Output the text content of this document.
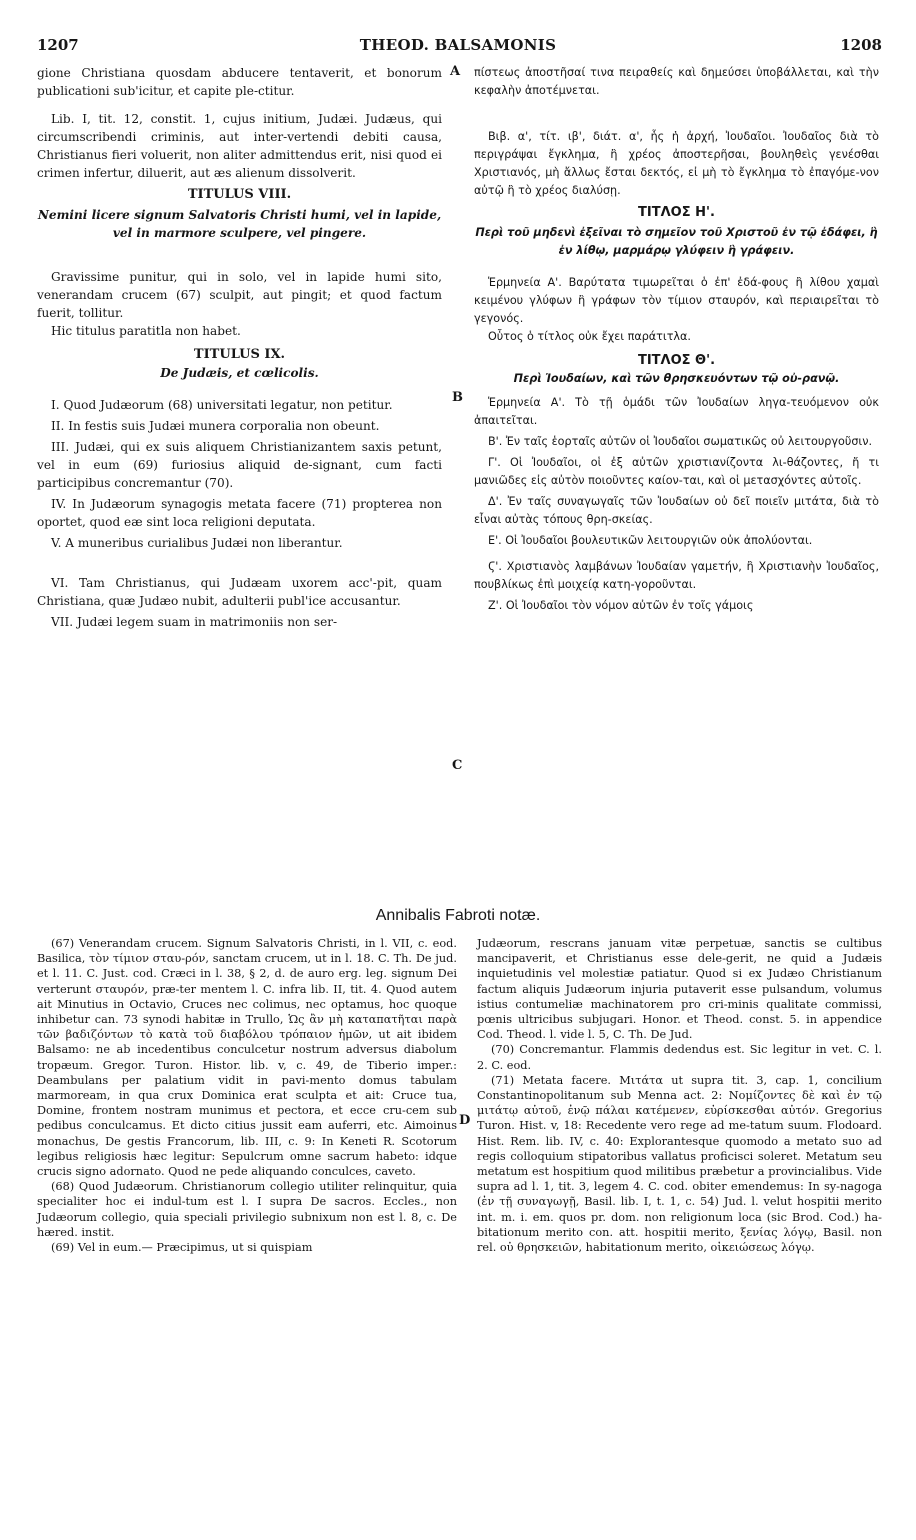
1207	THEOD. BALSAMONIS	1208

gione Christiana quosdam abducere tentaverit, et bonorum publicationi sub'icitur, et capite ple-ctitur.

Lib. I, tit. 12, constit. 1, cujus initium, Judæi. Judæus, qui circumscribendi criminis, aut inter-vertendi debiti causa, Christianus fieri voluerit, non aliter admittendus erit, nisi quod ei crimen infertur, diluerit, aut æs alienum dissolverit.

TITULUS VIII.

Nemini licere signum Salvatoris Christi humi, vel in lapide, vel in marmore sculpere, vel pingere.

Gravissime punitur, qui in solo, vel in lapide humi sito, venerandam crucem (67) sculpit, aut pingit; et quod factum fuerit, tollitur.

Hic titulus paratitla non habet.

TITULUS IX.

De Judæis, et cœlicolis.

I. Quod Judæorum (68) universitati legatur, non petitur.

II. In festis suis Judæi munera corporalia non obeunt.

III. Judæi, qui ex suis aliquem Christianizantem saxis petunt, vel in eum (69) furiosius aliquid de-signant, cum facti participibus concremantur (70).

IV. In Judæorum synagogis metata facere (71) propterea non oportet, quod eæ sint loca religioni deputata.

V. A muneribus curialibus Judæi non liberantur.

VI. Tam Christianus, qui Judæam uxorem acc'-pit, quam Christiana, quæ Judæo nubit, adulterii publ'ice accusantur.

VII. Judæi legem suam in matrimoniis non ser-

A
B
C
D

πίστεως ἀποστῆσαί τινα πειραθείς καὶ δημεύσει ὑποβάλλεται, καὶ τὴν κεφαλὴν ἀποτέμνεται.

Βιβ. α', τίτ. ιβ', διάτ. α', ἧς ἡ ἀρχή, Ἰουδαῖοι. Ἰουδαῖος διὰ τὸ περιγράψαι ἔγκλημα, ἢ χρέος ἀποστερῆσαι, βουληθεὶς γενέσθαι Χριστιανός, μὴ ἄλλως ἔσται δεκτός, εἰ μὴ τὸ ἔγκλημα τὸ ἐπαγόμε-νον αὐτῷ ἢ τὸ χρέος διαλύσῃ.

ΤΙΤΛΟΣ Η'.

Περὶ τοῦ μηδενὶ ἐξεῖναι τὸ σημεῖον τοῦ Χριστοῦ ἐν τῷ ἐδάφει, ἢ ἐν λίθῳ, μαρμάρῳ γλύφειν ἢ γράφειν.

Ἑρμηνεία Α'. Βαρύτατα τιμωρεῖται ὁ ἐπ' ἐδά-φους ἢ λίθου χαμαὶ κειμένου γλύφων ἢ γράφων τὸν τίμιον σταυρόν, καὶ περιαιρεῖται τὸ γεγονός.

Οὗτος ὁ τίτλος οὐκ ἔχει παράτιτλα.

ΤΙΤΛΟΣ Θ'.

Περὶ Ἰουδαίων, καὶ τῶν θρησκευόντων τῷ οὐ-ρανῷ.

Ἑρμηνεία Α'. Τὸ τῇ ὁμάδι τῶν Ἰουδαίων ληγα-τευόμενον οὐκ ἀπαιτεῖται.

Β'. Ἐν ταῖς ἑορταῖς αὐτῶν οἱ Ἰουδαῖοι σωματικῶς οὐ λειτουργοῦσιν.

Γ'. Οἱ Ἰουδαῖοι, οἱ ἐξ αὐτῶν χριστιανίζοντα λι-θάζοντες, ἤ τι μανιῶδες εἰς αὐτὸν ποιοῦντες καίον-ται, καὶ οἱ μετασχόντες αὐτοῖς.

Δ'. Ἐν ταῖς συναγωγαῖς τῶν Ἰουδαίων οὐ δεῖ ποιεῖν μιτάτα, διὰ τὸ εἶναι αὐτὰς τόπους θρη-σκείας.

Ε'. Οἱ Ἰουδαῖοι βουλευτικῶν λειτουργιῶν οὐκ ἀπολύονται.

Ϛ'. Χριστιανὸς λαμβάνων Ἰουδαίαν γαμετήν, ἢ Χριστιανὴν Ἰουδαῖος, πουβλίκως ἐπὶ μοιχείᾳ κατη-γοροῦνται.

Ζ'. Οἱ Ἰουδαῖοι τὸν νόμον αὐτῶν ἐν τοῖς γάμοις

Annibalis Fabroti notæ.

(67) Venerandam crucem. Signum Salvatoris Christi, in l. VII, c. eod. Basilica, τὸν τίμιον σταυ-ρόν, sanctam crucem, ut in l. 18. C. Th. De jud. et l. 11. C. Just. cod. Cræci in l. 38, § 2, d. de auro erg. leg. signum Dei verterunt σταυρόν, præ-ter mentem l. C. infra lib. II, tit. 4. Quod autem ait Minutius in Octavio, Cruces nec colimus, nec optamus, hoc quoque inhibetur can. 73 synodi habitæ in Trullo, Ὡς ἂν μὴ καταπατῆται παρὰ τῶν βαδιζόντων τὸ κατὰ τοῦ διαβόλου τρόπαιον ἡμῶν, ut ait ibidem Balsamo: ne ab incedentibus conculcetur nostrum adversus diabolum tropæum. Gregor. Turon. Histor. lib. v, c. 49, de Tiberio imper.: Deambulans per palatium vidit in pavi-mento domus tabulam marmoream, in qua crux Dominica erat sculpta et ait: Cruce tua, Domine, frontem nostram munimus et pectora, et ecce cru-cem sub pedibus conculcamus. Et dicto citius jussit eam auferri, etc. Aimoinus monachus, De gestis Francorum, lib. III, c. 9: In Keneti R. Scotorum legibus religiosis hæc legitur: Sepulcrum omne sacrum habeto: idque crucis signo adornato. Quod ne pede aliquando conculces, caveto.

(68) Quod Judæorum. Christianorum collegio utiliter relinquitur, quia specialiter hoc ei indul-tum est l. I supra De sacros. Eccles., non Judæorum collegio, quia speciali privilegio subnixum non est l. 8, c. De hæred. instit.

(69) Vel in eum.— Præcipimus, ut si quispiam

Judæorum, rescrans januam vitæ perpetuæ, sanctis se cultibus mancipaverit, et Christianus esse dele-gerit, ne quid a Judæis inquietudinis vel molestiæ patiatur. Quod si ex Judæo Christianum factum aliquis Judæorum injuria putaverit esse pulsandum, volumus istius contumeliæ machinatorem pro cri-minis qualitate commissi, pœnis ultricibus subjugari. Honor. et Theod. const. 5. in appendice Cod. Theod. l. vide l. 5, C. Th. De Jud.

(70) Concremantur. Flammis dedendus est. Sic legitur in vet. C. l. 2. C. eod.

(71) Metata facere. Μιτάτα ut supra tit. 3, cap. 1, concilium Constantinopolitanum sub Menna act. 2: Νομίζοντες δὲ καὶ ἐν τῷ μιτάτῳ αὐτοῦ, ἐνῷ πάλαι κατέμενεν, εὑρίσκεσθαι αὐτόν. Gregorius Turon. Hist. v, 18: Recedente vero rege ad me-tatum suum. Flodoard. Hist. Rem. lib. IV, c. 40: Explorantesque quomodo a metato suo ad regis colloquium stipatoribus vallatus proficisci soleret. Metatum seu metatum est hospitium quod militibus præbetur a provincialibus. Vide supra ad l. 1, tit. 3, legem 4. C. cod. obiter emendemus: In sy-nagoga (ἐν τῇ συναγωγῇ, Basil. lib. I, t. 1, c. 54) Jud. l. velut hospitii merito int. m. i. em. quos pr. dom. non religionum loca (sic Brod. Cod.) ha-bitationum merito con. att. hospitii merito, ξενίας λόγῳ, Basil. non rel. οὐ θρησκειῶν, habitationum merito, οἰκειώσεως λόγῳ.
